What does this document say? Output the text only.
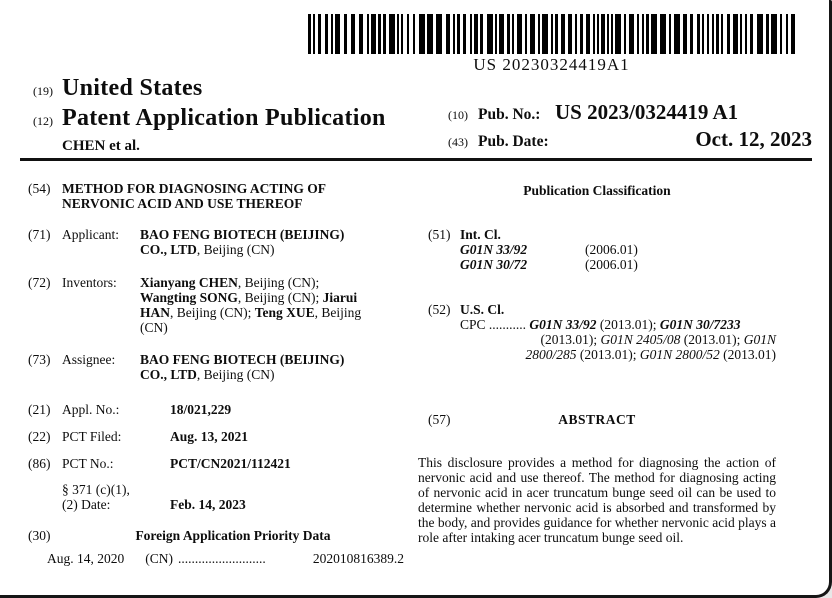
US 20230324419A1
(19) United States
(12) Patent Application Publication
CHEN et al.
(10) Pub. No.: US 2023/0324419 A1
(43) Pub. Date:	Oct. 12, 2023
(54) METHOD FOR DIAGNOSING ACTING OF
NERVONIC ACID AND USE THEREOF
(71) Applicant:	BAO FENG BIOTECH (BEIJING)
CO., LTD, Beijing (CN)
(72) Inventors:	Xianyang CHEN, Beijing (CN);
Wangting SONG, Beijing (CN); Jiarui
HAN, Beijing (CN); Teng XUE, Beijing
(CN)
(73) Assignee:	BAO FENG BIOTECH (BEIJING)
CO., LTD, Beijing (CN)
(21) Appl. No.:	18/021,229
(22) PCT Filed:	Aug. 13, 2021
(86) PCT No.:	PCT/CN2021/112421
§ 371 (c)(1),
(2) Date:	Feb. 14, 2023
(30)	Foreign Application Priority Data
Aug. 14, 2020 (CN) ..........................	202010816389.2
Publication Classification
(51) Int. Cl.
G01N 33/92	(2006.01)
G01N 30/72	(2006.01)
(52) U.S. Cl.
CPC ........... G01N 33/92 (2013.01); G01N 30/7233
(2013.01); G01N 2405/08 (2013.01); G01N
2800/285 (2013.01); G01N 2800/52 (2013.01)
(57)	ABSTRACT

This disclosure provides a method for diagnosing the action of nervonic acid and use thereof. The method for diagnosing acting of nervonic acid in acer truncatum bunge seed oil can be used to determine whether nervonic acid is absorbed and transformed by the body, and provides guidance for whether nervonic acid plays a role after intaking acer truncatum bunge seed oil.
